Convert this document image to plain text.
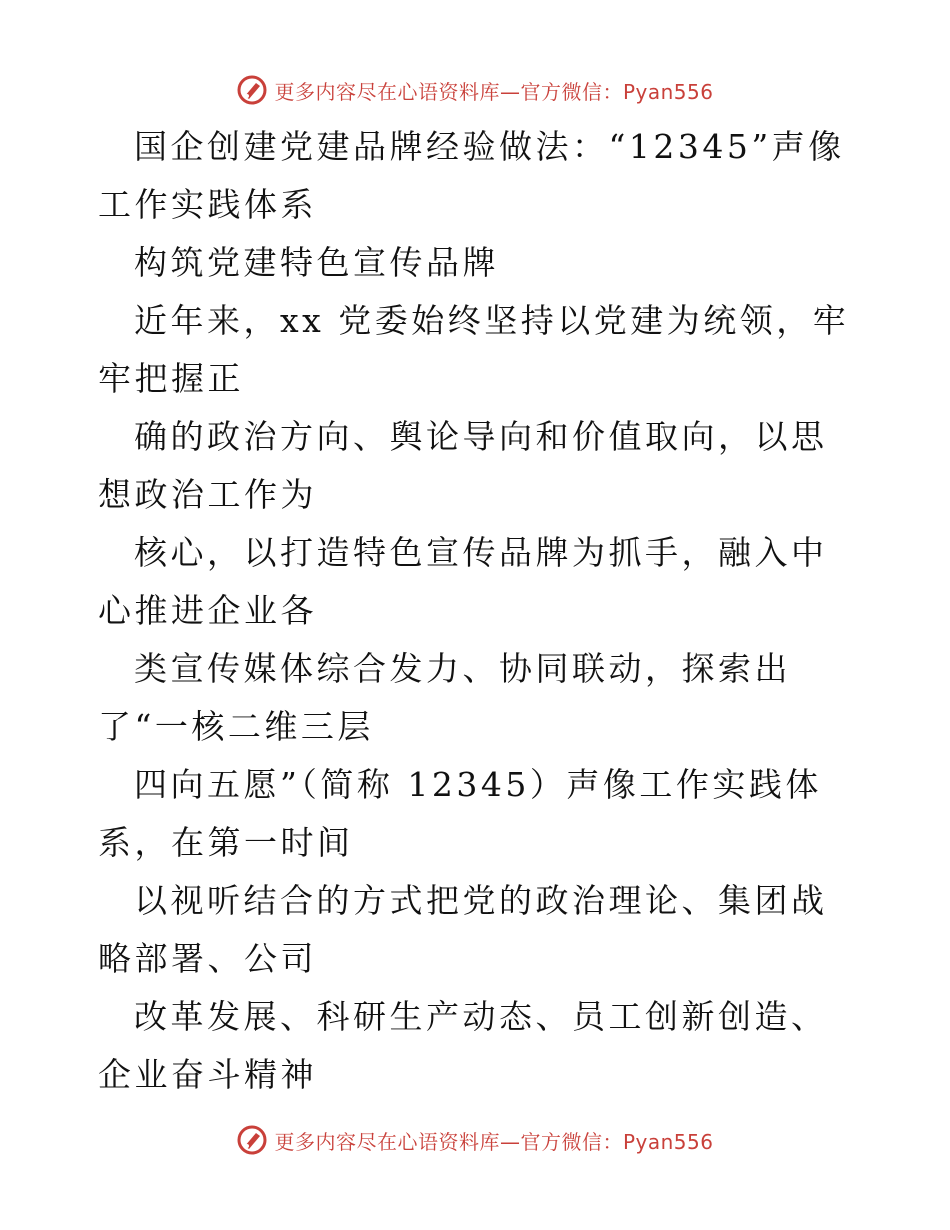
更多内容尽在心语资料库—官方微信：Pyan556

国企创建党建品牌经验做法：“12345”声像工作实践体系

构筑党建特色宣传品牌

近年来，xx 党委始终坚持以党建为统领，牢牢把握正

确的政治方向、舆论导向和价值取向，以思想政治工作为

核心，以打造特色宣传品牌为抓手，融入中心推进企业各

类宣传媒体综合发力、协同联动，探索出了“一核二维三层

四向五愿”（简称 12345）声像工作实践体系，在第一时间

以视听结合的方式把党的政治理论、集团战略部署、公司

改革发展、科研生产动态、员工创新创造、企业奋斗精神

更多内容尽在心语资料库—官方微信：Pyan556
